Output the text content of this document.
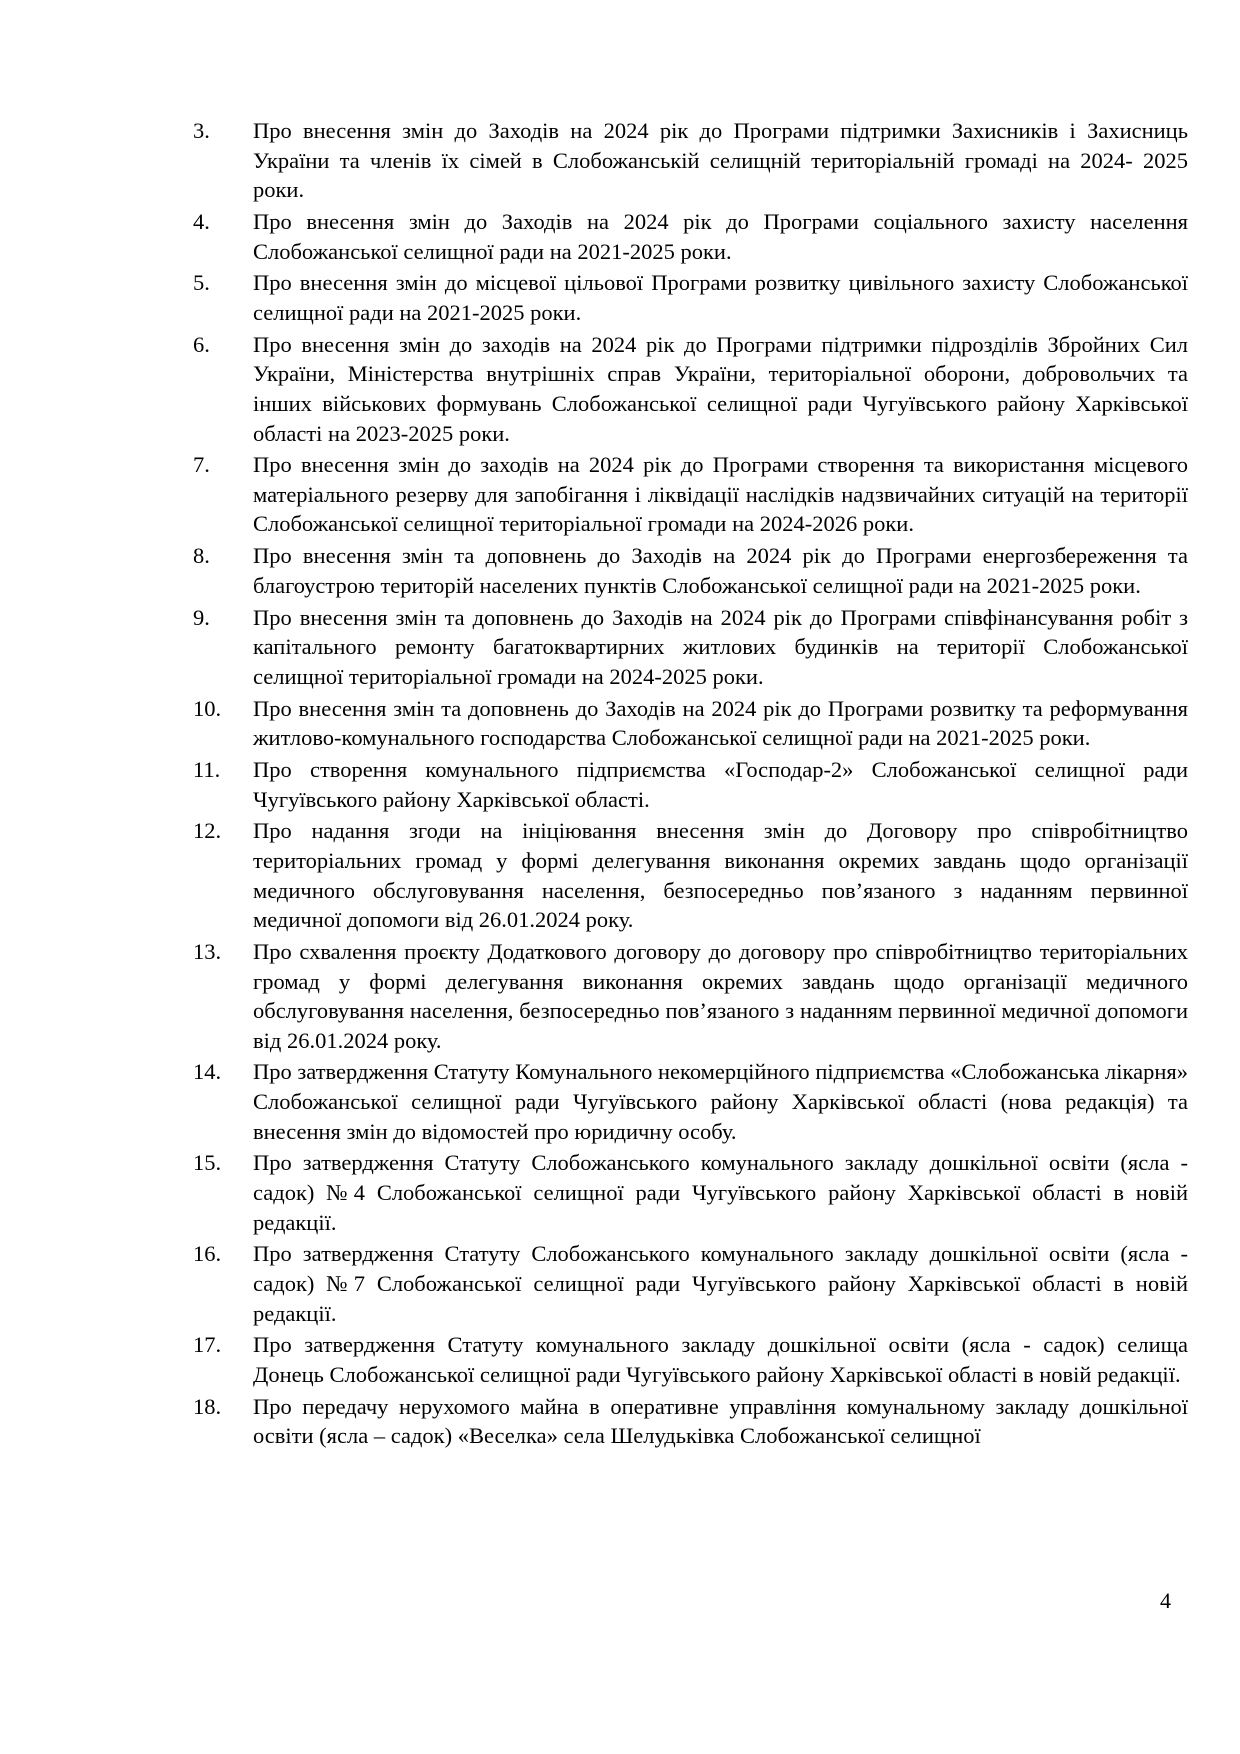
3.	Про внесення змін до Заходів на 2024 рік до Програми підтримки Захисників і Захисниць України та членів їх сімей в Слобожанській селищній територіальній громаді на 2024- 2025 роки.
4.	Про внесення змін до Заходів на 2024 рік до Програми соціального захисту населення Слобожанської селищної ради на 2021-2025 роки.
5.	Про внесення змін до місцевої цільової Програми розвитку цивільного захисту Слобожанської селищної ради на 2021-2025 роки.
6.	Про внесення змін до заходів на 2024 рік до Програми підтримки підрозділів Збройних Сил України, Міністерства внутрішніх справ України, територіальної оборони, добровольчих та інших військових формувань Слобожанської селищної ради Чугуївського району Харківської області на 2023-2025 роки.
7.	Про внесення змін до заходів на 2024 рік до Програми створення та використання місцевого матеріального резерву для запобігання і ліквідації наслідків надзвичайних ситуацій на території Слобожанської селищної територіальної громади на 2024-2026 роки.
8.	Про внесення змін та доповнень до Заходів на 2024 рік до Програми енергозбереження та благоустрою територій населених пунктів Слобожанської селищної ради на 2021-2025 роки.
9.	Про внесення змін та доповнень до Заходів на 2024 рік до Програми співфінансування робіт з капітального ремонту багатоквартирних житлових будинків на території Слобожанської селищної територіальної громади на 2024-2025 роки.
10.	Про внесення змін та доповнень до Заходів на 2024 рік до Програми розвитку та реформування житлово-комунального господарства Слобожанської селищної ради на 2021-2025 роки.
11.	Про створення комунального підприємства «Господар-2» Слобожанської селищної ради Чугуївського району Харківської області.
12.	Про надання згоди на ініціювання внесення змін до Договору про співробітництво територіальних громад у формі делегування виконання окремих завдань щодо організації медичного обслуговування населення, безпосередньо пов’язаного з наданням первинної медичної допомоги від 26.01.2024 року.
13.	Про схвалення проєкту Додаткового договору до договору про співробітництво територіальних громад у формі делегування виконання окремих завдань щодо організації медичного обслуговування населення, безпосередньо пов’язаного з наданням первинної медичної допомоги від 26.01.2024 року.
14.	Про затвердження Статуту Комунального некомерційного підприємства «Слобожанська лікарня» Слобожанської селищної ради Чугуївського району Харківської області (нова редакція) та внесення змін до відомостей про юридичну особу.
15.	Про затвердження Статуту Слобожанського комунального закладу дошкільної освіти (ясла - садок) №4 Слобожанської селищної ради Чугуївського району Харківської області в новій редакції.
16.	Про затвердження Статуту Слобожанського комунального закладу дошкільної освіти (ясла - садок) №7 Слобожанської селищної ради Чугуївського району Харківської області в новій редакції.
17.	Про затвердження Статуту комунального закладу дошкільної освіти (ясла - садок) селища Донець Слобожанської селищної ради Чугуївського району Харківської області в новій редакції.
18.	Про передачу нерухомого майна в оперативне управління комунальному закладу дошкільної освіти (ясла – садок) «Веселка» села Шелудьківка Слобожанської селищної
4
